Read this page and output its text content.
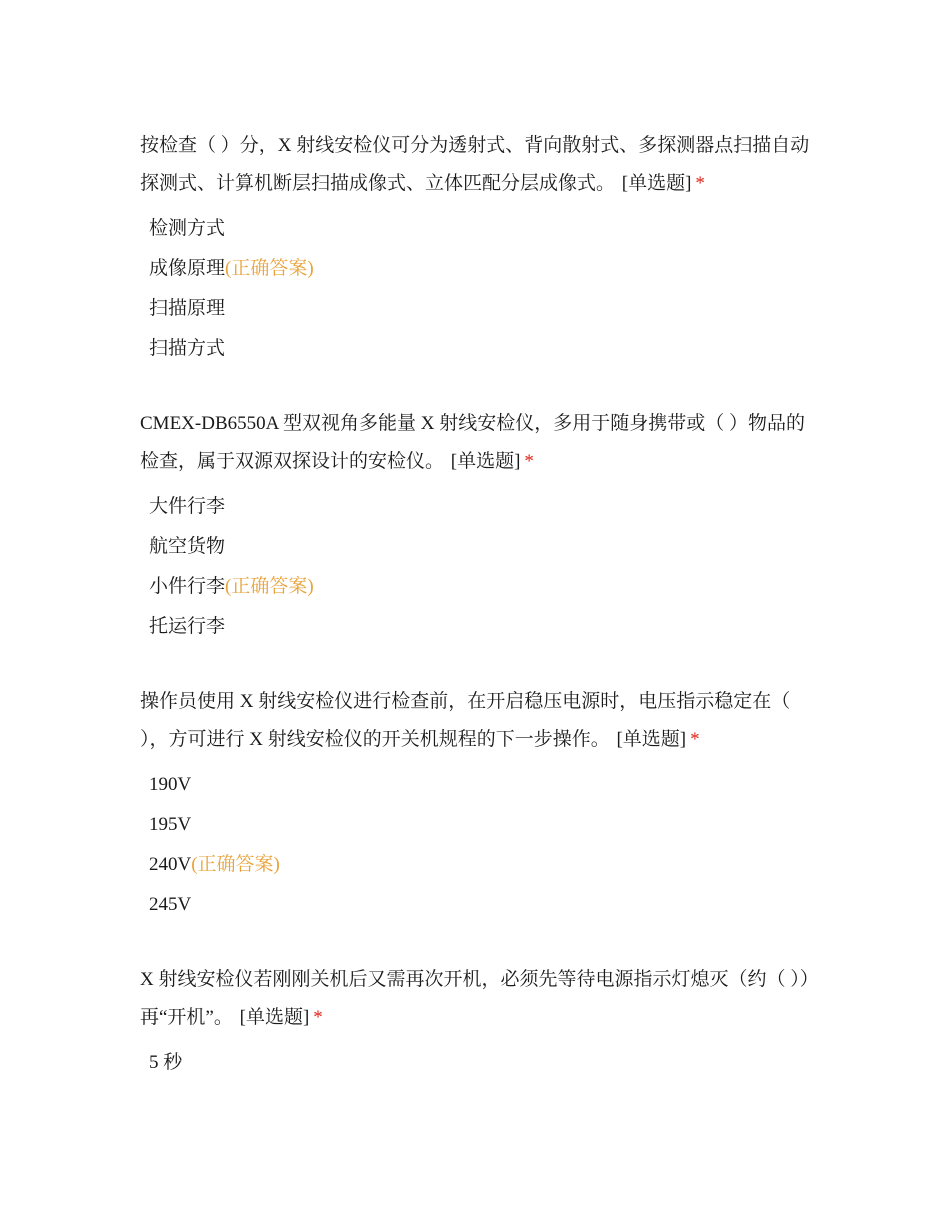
按检查（ ）分，X 射线安检仪可分为透射式、背向散射式、多探测器点扫描自动探测式、计算机断层扫描成像式、立体匹配分层成像式。 [单选题] *
检测方式
成像原理(正确答案)
扫描原理
扫描方式
CMEX-DB6550A 型双视角多能量 X 射线安检仪，多用于随身携带或（ ）物品的检查，属于双源双探设计的安检仪。 [单选题] *
大件行李
航空货物
小件行李(正确答案)
托运行李
操作员使用 X 射线安检仪进行检查前，在开启稳压电源时，电压指示稳定在（ ），方可进行 X 射线安检仪的开关机规程的下一步操作。 [单选题] *
190V
195V
240V(正确答案)
245V
X 射线安检仪若刚刚关机后又需再次开机，必须先等待电源指示灯熄灭（约（ ））再“开机”。 [单选题] *
5 秒
